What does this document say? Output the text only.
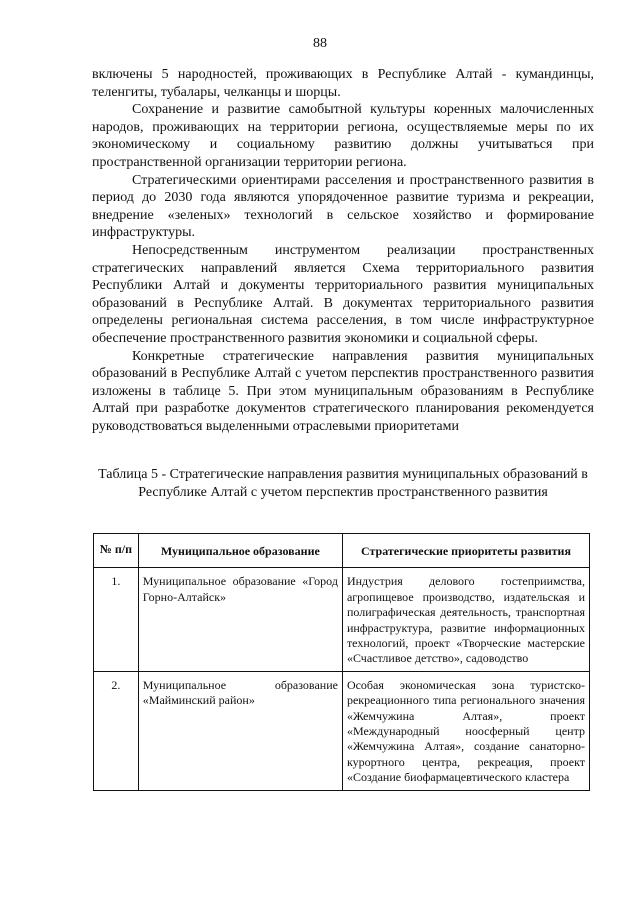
88

включены 5 народностей, проживающих в Республике Алтай - кумандинцы, теленгиты, тубалары, челканцы и шорцы.

Сохранение и развитие самобытной культуры коренных малочисленных народов, проживающих на территории региона, осуществляемые меры по их экономическому и социальному развитию должны учитываться при пространственной организации территории региона.

Стратегическими ориентирами расселения и пространственного развития в период до 2030 года являются упорядоченное развитие туризма и рекреации, внедрение «зеленых» технологий в сельское хозяйство и формирование инфраструктуры.

Непосредственным инструментом реализации пространственных стратегических направлений является Схема территориального развития Республики Алтай и документы территориального развития муниципальных образований в Республике Алтай. В документах территориального развития определены региональная система расселения, в том числе инфраструктурное обеспечение пространственного развития экономики и социальной сферы.

Конкретные стратегические направления развития муниципальных образований в Республике Алтай с учетом перспектив пространственного развития изложены в таблице 5. При этом муниципальным образованиям в Республике Алтай при разработке документов стратегического планирования рекомендуется руководствоваться выделенными отраслевыми приоритетами

Таблица 5 - Стратегические направления развития муниципальных образований в Республике Алтай с учетом перспектив пространственного развития
№ п/п	Муниципальное образование	Стратегические приоритеты развития
1.	Муниципальное образование «Город Горно-Алтайск»	Индустрия делового гостеприимства, агропищевое производство, издательская и полиграфическая деятельность, транспортная инфраструктура, развитие информационных технологий, проект «Творческие мастерские «Счастливое детство», садоводство
2.	Муниципальное образование «Майминский район»	Особая экономическая зона туристско-рекреационного типа регионального значения «Жемчужина Алтая», проект «Международный ноосферный центр «Жемчужина Алтая», создание санаторно-курортного центра, рекреация, проект «Создание биофармацевтического кластера
